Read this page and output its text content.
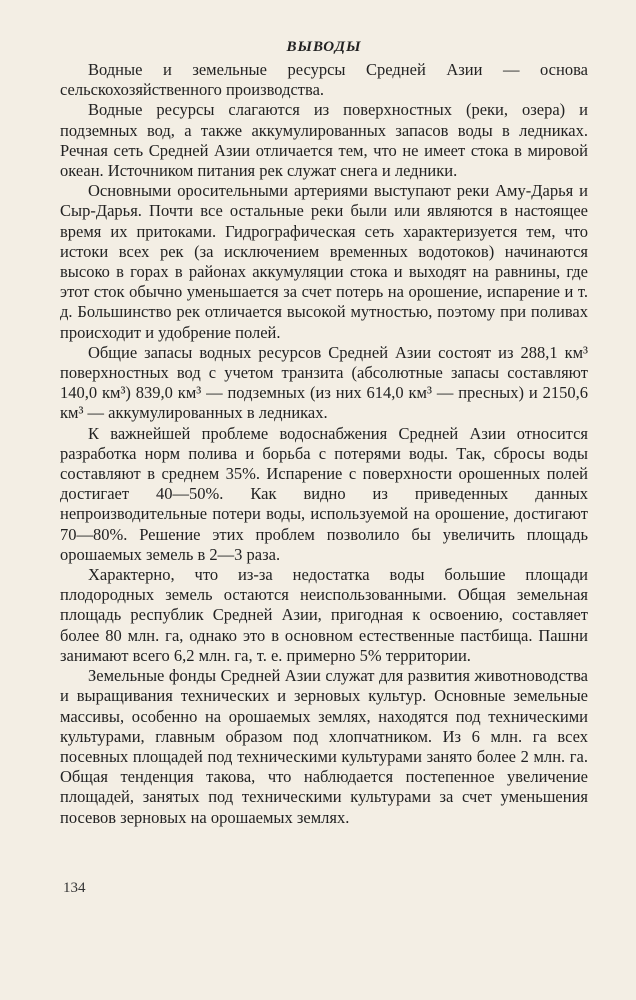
ВЫВОДЫ

Водные и земельные ресурсы Средней Азии — основа сельскохозяйственного производства.

Водные ресурсы слагаются из поверхностных (реки, озера) и подземных вод, а также аккумулированных запасов воды в ледниках. Речная сеть Средней Азии отличается тем, что не имеет стока в мировой океан. Источником питания рек служат снега и ледники.

Основными оросительными артериями выступают реки Аму-Дарья и Сыр-Дарья. Почти все остальные реки были или являются в настоящее время их притоками. Гидрографическая сеть характеризуется тем, что истоки всех рек (за исключением временных водотоков) начинаются высоко в горах в районах аккумуляции стока и выходят на равнины, где этот сток обычно уменьшается за счет потерь на орошение, испарение и т. д. Большинство рек отличается высокой мутностью, поэтому при поливах происходит и удобрение полей.

Общие запасы водных ресурсов Средней Азии состоят из 288,1 км³ поверхностных вод с учетом транзита (абсолютные запасы составляют 140,0 км³) 839,0 км³ — подземных (из них 614,0 км³ — пресных) и 2150,6 км³ — аккумулированных в ледниках.

К важнейшей проблеме водоснабжения Средней Азии относится разработка норм полива и борьба с потерями воды. Так, сбросы воды составляют в среднем 35%. Испарение с поверхности орошенных полей достигает 40—50%. Как видно из приведенных данных непроизводительные потери воды, используемой на орошение, достигают 70—80%. Решение этих проблем позволило бы увеличить площадь орошаемых земель в 2—3 раза.

Характерно, что из-за недостатка воды большие площади плодородных земель остаются неиспользованными. Общая земельная площадь республик Средней Азии, пригодная к освоению, составляет более 80 млн. га, однако это в основном естественные пастбища. Пашни занимают всего 6,2 млн. га, т. е. примерно 5% территории.

Земельные фонды Средней Азии служат для развития животноводства и выращивания технических и зерновых культур. Основные земельные массивы, особенно на орошаемых землях, находятся под техническими культурами, главным образом под хлопчатником. Из 6 млн. га всех посевных площадей под техническими культурами занято более 2 млн. га. Общая тенденция такова, что наблюдается постепенное увеличение площадей, занятых под техническими культурами за счет уменьшения посевов зерновых на орошаемых землях.

134
